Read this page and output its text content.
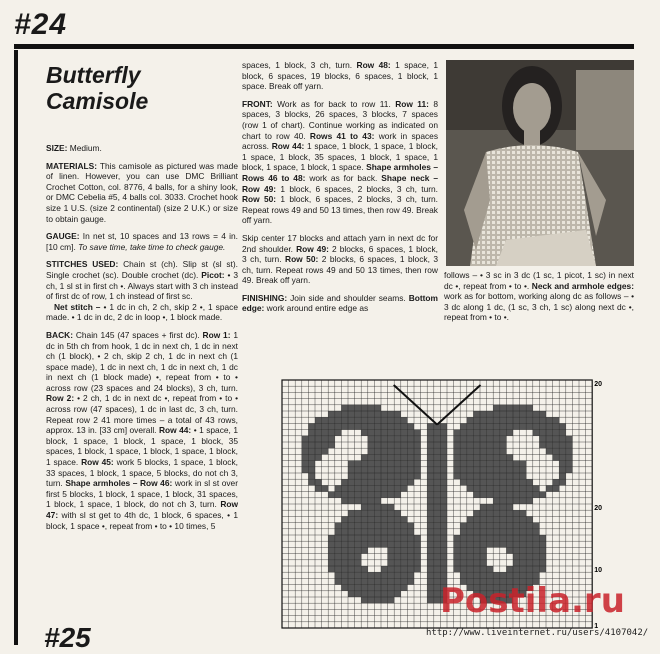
#24
Butterfly
Camisole

SIZE: Medium.

MATERIALS: This camisole as pictured was made of linen. However, you can use DMC Brilliant Crochet Cotton, col. 8776, 4 balls, for a shiny look, or DMC Cebelia #5, 4 balls col. 3033. Crochet hook size 1 U.S. (size 2 continental) (size 2 U.K.) or size to obtain gauge.

GAUGE: In net st, 10 spaces and 13 rows = 4 in. [10 cm]. To save time, take time to check gauge.

STITCHES USED: Chain st (ch). Slip st (sl st). Single crochet (sc). Double crochet (dc). Picot: • 3 ch, 1 sl st in first ch •. Always start with 3 ch instead of first dc of row, 1 ch instead of first sc.
Net stitch – • 1 dc in ch, 2 ch, skip 2 •, 1 space made. • 1 dc in dc, 2 dc in loop •, 1 block made.

BACK: Chain 145 (47 spaces + first dc). Row 1: 1 dc in 5th ch from hook, 1 dc in next ch, 1 dc in next ch (1 block), • 2 ch, skip 2 ch, 1 dc in next ch (1 space made), 1 dc in next ch, 1 dc in next ch, 1 dc in next ch (1 block made) •, repeat from • to • across row (23 spaces and 24 blocks), 3 ch, turn. Row 2: • 2 ch, 1 dc in next dc •, repeat from • to • across row (47 spaces), 1 dc in last dc, 3 ch, turn. Repeat row 2 41 more times – a total of 43 rows, approx. 13 in. [33 cm] overall. Row 44: • 1 space, 1 block, 1 space, 1 block, 1 space, 1 block, 35 spaces, 1 block, 1 space, 1 block, 1 space, 1 block, 1 space. Row 45: work 5 blocks, 1 space, 1 block, 33 spaces, 1 block, 1 space, 5 blocks, do not ch 3, turn. Shape armholes – Row 46: work in sl st over first 5 blocks, 1 block, 1 space, 1 block, 31 spaces, 1 block, 1 space, 1 block, do not ch 3, turn. Row 47: with sl st get to 4th dc, 1 block, 6 spaces, • 1 block, 1 space •, repeat from • to • 10 times, 5

spaces, 1 block, 3 ch, turn. Row 48: 1 space, 1 block, 6 spaces, 19 blocks, 6 spaces, 1 block, 1 space. Break off yarn.

FRONT: Work as for back to row 11. Row 11: 8 spaces, 3 blocks, 26 spaces, 3 blocks, 7 spaces (row 1 of chart). Continue working as indicated on chart to row 40. Rows 41 to 43: work in spaces across. Row 44: 1 space, 1 block, 1 space, 1 block, 1 space, 1 block, 35 spaces, 1 block, 1 space, 1 block, 1 space, 1 block, 1 space. Shape armholes – Rows 46 to 48: work as for back. Shape neck – Row 49: 1 block, 6 spaces, 2 blocks, 3 ch, turn. Row 50: 1 block, 6 spaces, 2 blocks, 3 ch, turn. Repeat rows 49 and 50 13 times, then row 49. Break off yarn.

Skip center 17 blocks and attach yarn in next dc for 2nd shoulder. Row 49: 2 blocks, 6 spaces, 1 block, 3 ch, turn. Row 50: 2 blocks, 6 spaces, 1 block, 3 ch, turn. Repeat rows 49 and 50 13 times, then row 49. Break off yarn.

FINISHING: Join side and shoulder seams. Bottom edge: work around entire edge as

follows – • 3 sc in 3 dc (1 sc, 1 picot, 1 sc) in next dc •, repeat from • to •. Neck and armhole edges: work as for bottom, working along dc as follows – • 3 dc along 1 dc, (1 sc, 3 ch, 1 sc) along next dc •, repeat from • to •.

20
20
10
1
#25
Postila.ru
http://www.liveinternet.ru/users/4107042/
